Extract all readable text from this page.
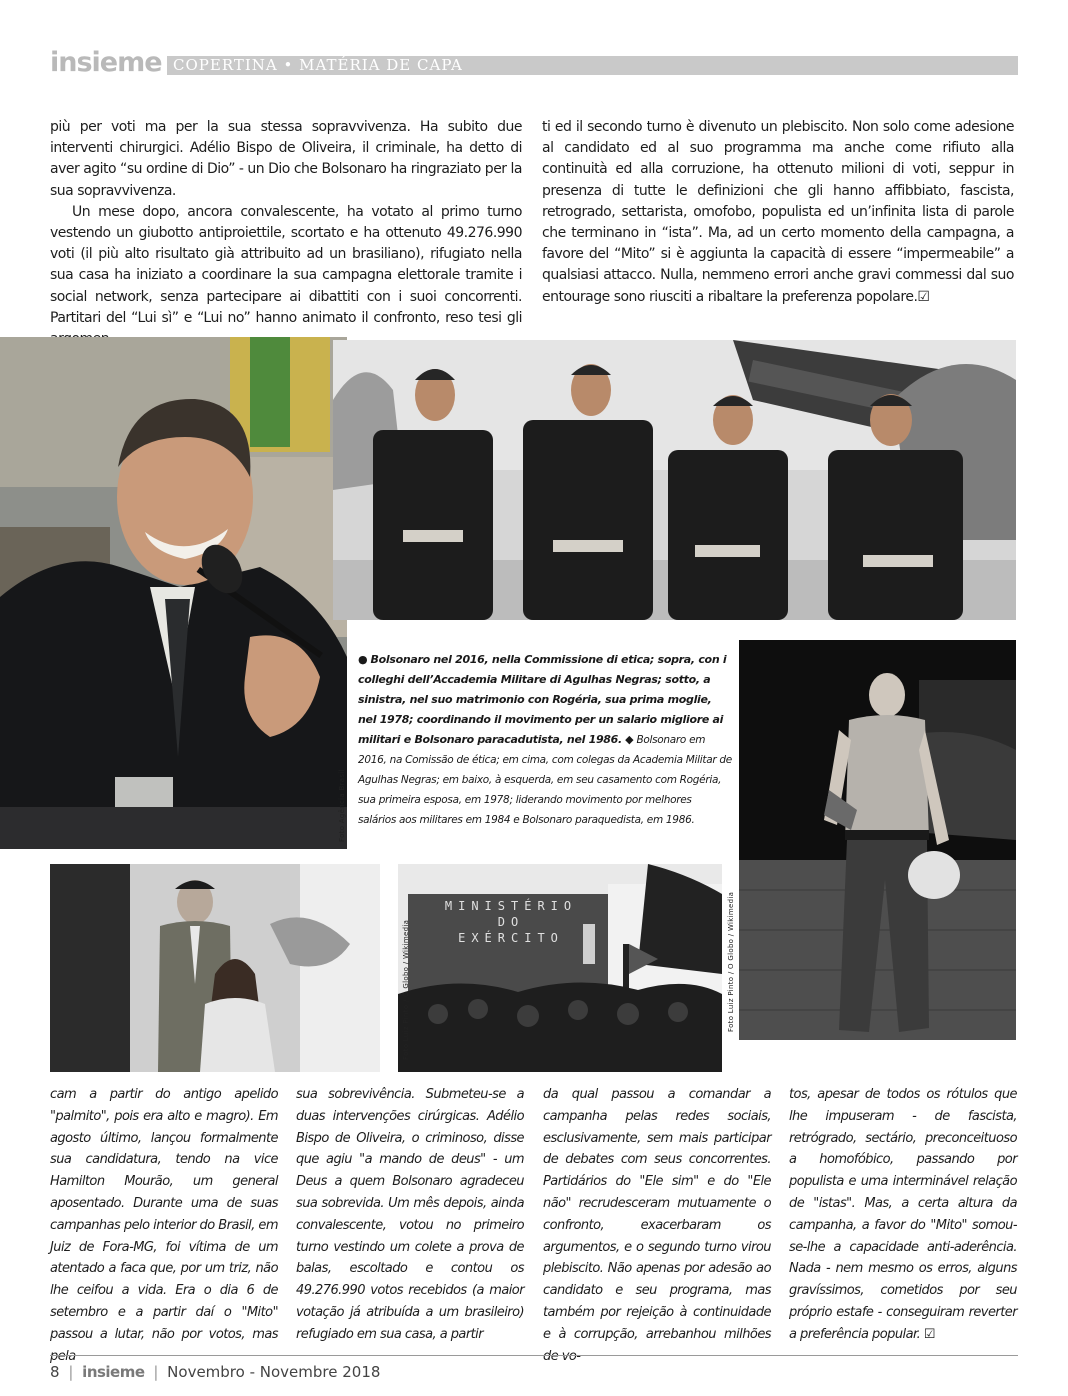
insieme COPERTINA • MATÉRIA DE CAPA

più per voti ma per la sua stessa sopravvivenza. Ha subito due interventi chirurgici. Adélio Bispo de Oliveira, il criminale, ha detto di aver agito “su ordine di Dio” - un Dio che Bolsonaro ha ringraziato per la sua sopravvivenza.

Un mese dopo, ancora convalescente, ha votato al primo turno vestendo un giubotto antiproiettile, scortato e ha ottenuto 49.276.990 voti (il più alto risultato già attribuito ad un brasiliano), rifugiato nella sua casa ha iniziato a coordinare la sua campagna elettorale tramite i social network, senza partecipare ai dibattiti con i suoi concorrenti. Partitari del “Lui sì” e “Lui no” hanno animato il confronto, reso tesi gli

ti ed il secondo turno è divenuto un plebiscito. Non solo come adesione al candidato ed al suo programma ma anche come rifiuto alla continuità ed alla corruzione, ha ottenuto milioni di voti, seppur in presenza di tutte le definizioni che gli hanno affibbiato, fascista, retrogrado, settarista, omofobo, populista ed un’infinita lista di parole che terminano in “ista”. Ma, ad un certo momento della campagna, a favore del “Mito” si è aggiunta la capacità di essere “impermeabile” a qualsiasi attacco. Nulla, nemmeno errori anche gravi commessi dal suo entourage sono riusciti a ribaltare la preferenza popolare.☑

Foto Agência Brasil
● Bolsonaro nel 2016, nella Commissione di etica; sopra, con i colleghi dell’Accademia Militare di Agulhas Negras; sotto, a sinistra, nel suo matrimonio con Rogéria, sua prima moglie, nel 1978; coordinando il movimento per un salario migliore ai militari e Bolsonaro paracadutista, nel 1986. ◆ Bolsonaro em 2016, na Comissão de ética; em cima, com colegas da Academia Militar de Agulhas Negras; em baixo, à esquerda, em seu casamento com Rogéria, sua primeira esposa, em 1978; liderando movimento por melhores salários aos militares em 1984 e Bolsonaro paraquedista, em 1986.
Foto Luiz Pinto / O Globo / Wikimedia
MINISTÉRIO
DO
EXÉRCITO
Foto Luiz Pinto / O Globo / Wikimedia
cam a partir do antigo apelido "palmito", pois era alto e magro). Em agosto último, lançou formalmente sua candidatura, tendo na vice Hamilton Mourão, um general aposentado. Durante uma de suas campanhas pelo interior do Brasil, em Juiz de Fora-MG, foi vítima de um atentado a faca que, por um triz, não lhe ceifou a vida. Era o dia 6 de setembro e a partir daí o "Mito" passou a lutar, não por votos, mas pela
sua sobrevivência. Submeteu-se a duas intervenções cirúrgicas. Adélio Bispo de Oliveira, o criminoso, disse que agiu "a mando de deus" - um Deus a quem Bolsonaro agradeceu sua sobrevida. Um mês depois, ainda convalescente, votou no primeiro turno vestindo um colete a prova de balas, escoltado e contou os 49.276.990 votos recebidos (a maior votação já atribuída a um brasileiro) refugiado em sua casa, a partir
da qual passou a comandar a campanha pelas redes sociais, esclusivamente, sem mais participar de debates com seus concorrentes. Partidários do "Ele sim" e do "Ele não" recrudesceram mutuamente o confronto, exacerbaram os argumentos, e o segundo turno virou plebiscito. Não apenas por adesão ao candidato e seu programa, mas também por rejeição à continuidade e à corrupção, arrebanhou milhões de vo-
tos, apesar de todos os rótulos que lhe impuseram - de fascista, retrógrado, sectário, preconceituoso a homofóbico, passando por populista e uma interminável relação de "istas". Mas, a certa altura da campanha, a favor do "Mito" somou-se-lhe a capacidade anti-aderência. Nada - nem mesmo os erros, alguns gravíssimos, cometidos por seu próprio estafe - conseguiram reverter a preferência popular. ☑
8 | insieme | Novembro - Novembre 2018
